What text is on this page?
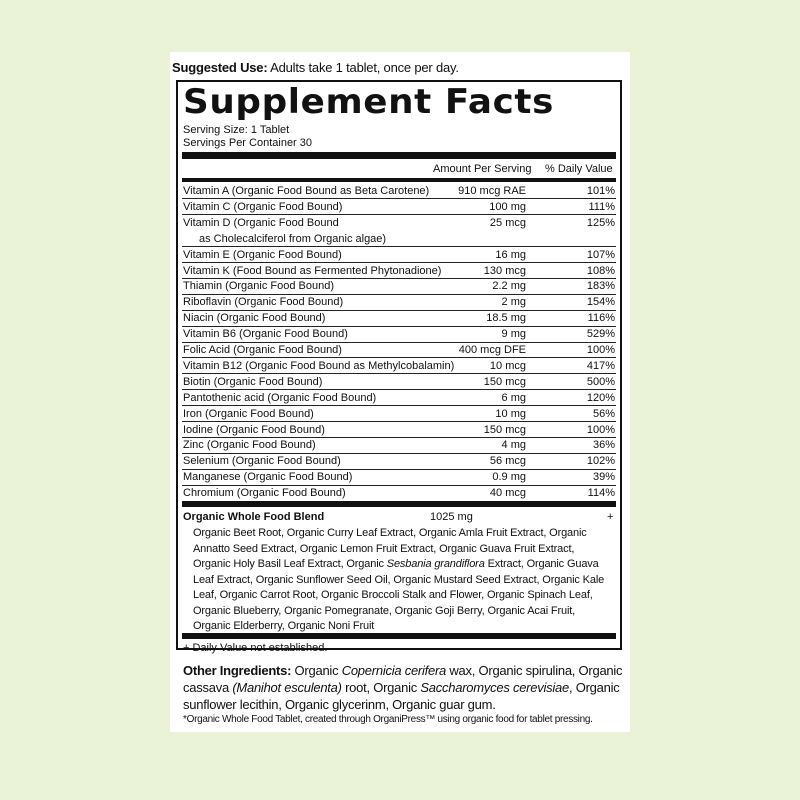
Suggested Use: Adults take 1 tablet, once per day.
Supplement Facts
Serving Size: 1 Tablet
Servings Per Container 30
Amount Per Serving % Daily Value
Vitamin A (Organic Food Bound as Beta Carotene)	910 mcg RAE	101%
Vitamin C (Organic Food Bound)	100 mg	111%
Vitamin D (Organic Food Bound	25 mcg	125%
as Cholecalciferol from Organic algae)
Vitamin E (Organic Food Bound)	16 mg	107%
Vitamin K (Food Bound as Fermented Phytonadione)	130 mcg	108%
Thiamin (Organic Food Bound)	2.2 mg	183%
Riboflavin (Organic Food Bound)	2 mg	154%
Niacin (Organic Food Bound)	18.5 mg	116%
Vitamin B6 (Organic Food Bound)	9 mg	529%
Folic Acid (Organic Food Bound)	400 mcg DFE	100%
Vitamin B12 (Organic Food Bound as Methylcobalamin)	10 mcg	417%
Biotin (Organic Food Bound)	150 mcg	500%
Pantothenic acid (Organic Food Bound)	6 mg	120%
Iron (Organic Food Bound)	10 mg	56%
Iodine (Organic Food Bound)	150 mcg	100%
Zinc (Organic Food Bound)	4 mg	36%
Selenium (Organic Food Bound)	56 mcg	102%
Manganese (Organic Food Bound)	0.9 mg	39%
Chromium (Organic Food Bound)	40 mcg	114%
Organic Whole Food Blend	1025 mg	+
Organic Beet Root, Organic Curry Leaf Extract, Organic Amla Fruit Extract, Organic Annatto Seed Extract, Organic Lemon Fruit Extract, Organic Guava Fruit Extract, Organic Holy Basil Leaf Extract, Organic Sesbania grandiflora Extract, Organic Guava Leaf Extract, Organic Sunflower Seed Oil, Organic Mustard Seed Extract, Organic Kale Leaf, Organic Carrot Root, Organic Broccoli Stalk and Flower, Organic Spinach Leaf, Organic Blueberry, Organic Pomegranate, Organic Goji Berry, Organic Acai Fruit, Organic Elderberry, Organic Noni Fruit
+ Daily Value not established.
Other Ingredients: Organic Copernicia cerifera wax, Organic spirulina, Organic cassava (Manihot esculenta) root, Organic Saccharomyces cerevisiae, Organic sunflower lecithin, Organic glycerinm, Organic guar gum.
*Organic Whole Food Tablet, created through OrganiPress™ using organic food for tablet pressing.
